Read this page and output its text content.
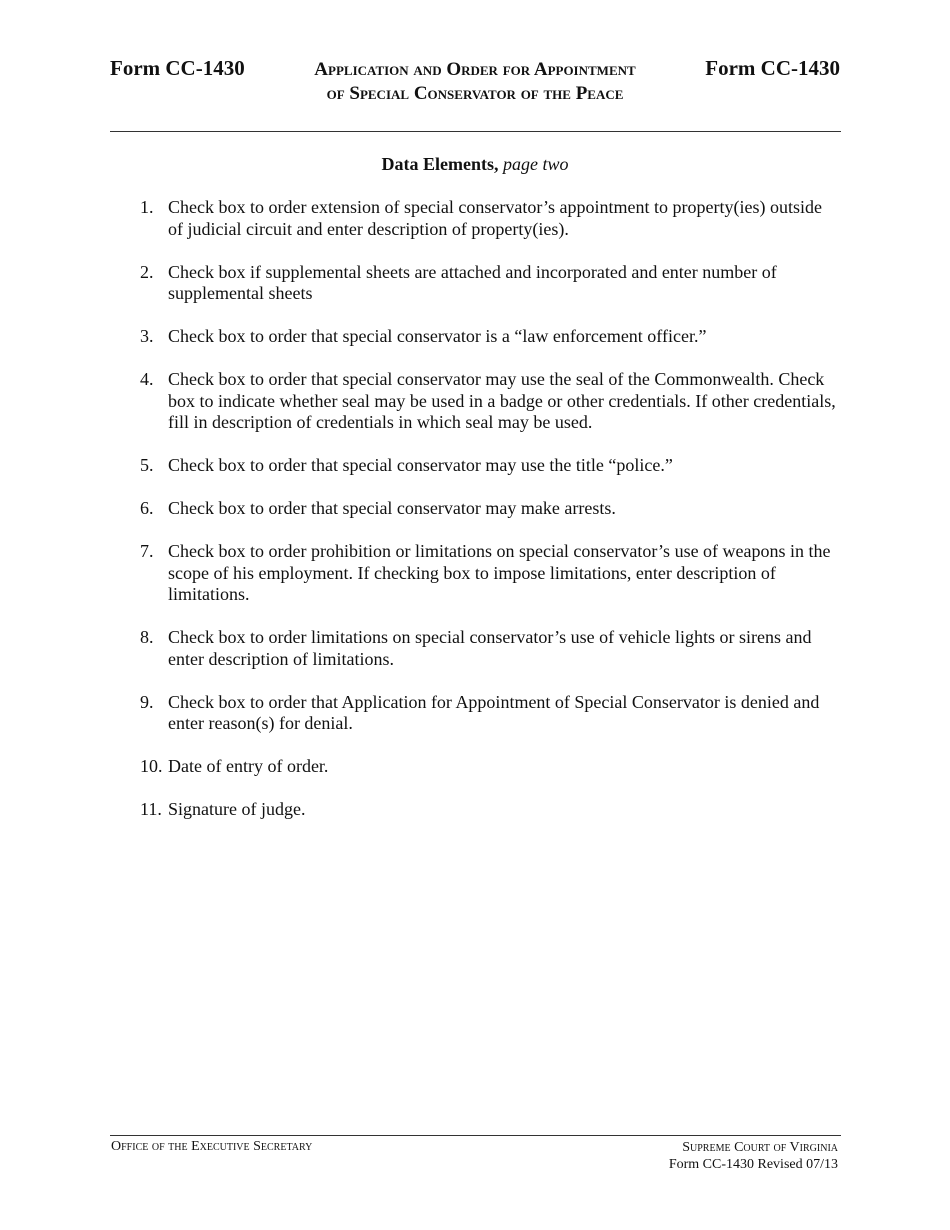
Form CC-1430	Application and Order for Appointment	Form CC-1430
of Special Conservator of the Peace
Data Elements, page two
1. Check box to order extension of special conservator’s appointment to property(ies) outside of judicial circuit and enter description of property(ies).
2. Check box if supplemental sheets are attached and incorporated and enter number of supplemental sheets
3. Check box to order that special conservator is a “law enforcement officer.”
4. Check box to order that special conservator may use the seal of the Commonwealth. Check box to indicate whether seal may be used in a badge or other credentials. If other credentials, fill in description of credentials in which seal may be used.
5. Check box to order that special conservator may use the title “police.”
6. Check box to order that special conservator may make arrests.
7. Check box to order prohibition or limitations on special conservator’s use of weapons in the scope of his employment. If checking box to impose limitations, enter description of limitations.
8. Check box to order limitations on special conservator’s use of vehicle lights or sirens and enter description of limitations.
9. Check box to order that Application for Appointment of Special Conservator is denied and enter reason(s) for denial.
10. Date of entry of order.
11. Signature of judge.
Office of the Executive Secretary	Supreme Court of Virginia
Form CC-1430 Revised 07/13
